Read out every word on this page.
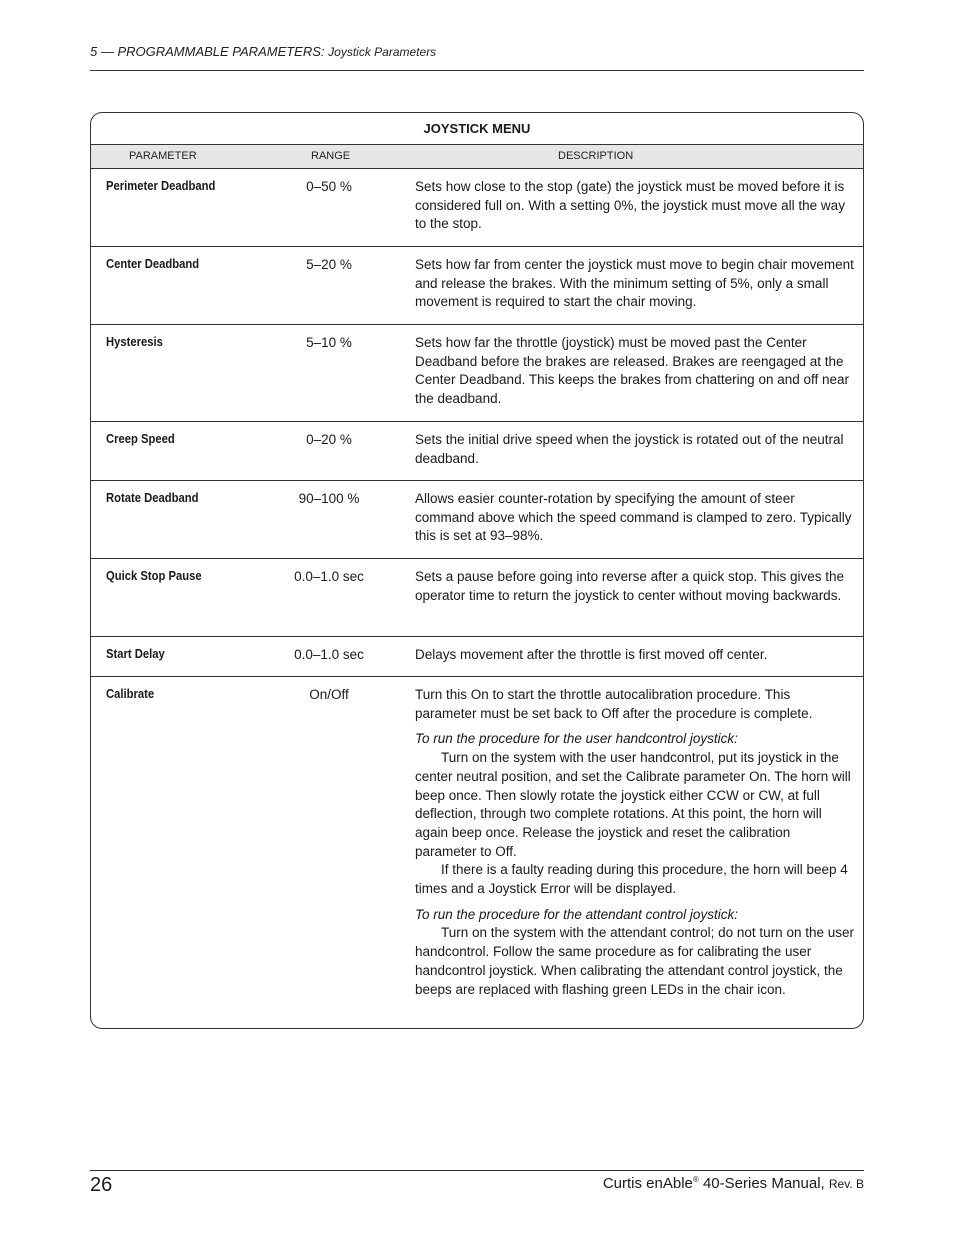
5 — PROGRAMMABLE PARAMETERS: Joystick Parameters
JOYSTICK MENU
PARAMETER	RANGE	DESCRIPTION
Perimeter Deadband	0–50 %	Sets how close to the stop (gate) the joystick must be moved before it is considered full on. With a setting 0%, the joystick must move all the way to the stop.

Center Deadband	5–20 %	Sets how far from center the joystick must move to begin chair movement and release the brakes. With the minimum setting of 5%, only a small movement is required to start the chair moving.

Hysteresis	5–10 %	Sets how far the throttle (joystick) must be moved past the Center Deadband before the brakes are released. Brakes are reengaged at the Center Deadband. This keeps the brakes from chattering on and off near the deadband.

Creep Speed	0–20 %	Sets the initial drive speed when the joystick is rotated out of the neutral deadband.

Rotate Deadband	90–100 %	Allows easier counter-rotation by specifying the amount of steer command above which the speed command is clamped to zero. Typically this is set at 93–98%.

Quick Stop Pause	0.0–1.0 sec	Sets a pause before going into reverse after a quick stop. This gives the operator time to return the joystick to center without moving backwards.

Start Delay	0.0–1.0 sec	Delays movement after the throttle is first moved off center.

Calibrate	On/Off	Turn this On to start the throttle autocalibration procedure. This parameter must be set back to Off after the procedure is complete.

To run the procedure for the user handcontrol joystick:

Turn on the system with the user handcontrol, put its joystick in the center neutral position, and set the Calibrate parameter On. The horn will beep once. Then slowly rotate the joystick either CCW or CW, at full deflection, through two complete rotations. At this point, the horn will again beep once. Release the joystick and reset the calibration parameter to Off.

If there is a faulty reading during this procedure, the horn will beep 4 times and a Joystick Error will be displayed.

To run the procedure for the attendant control joystick:

Turn on the system with the attendant control; do not turn on the user handcontrol. Follow the same procedure as for calibrating the user handcontrol joystick. When calibrating the attendant control joystick, the beeps are replaced with flashing green LEDs in the chair icon.

26	Curtis enAble® 40-Series Manual, Rev. B
